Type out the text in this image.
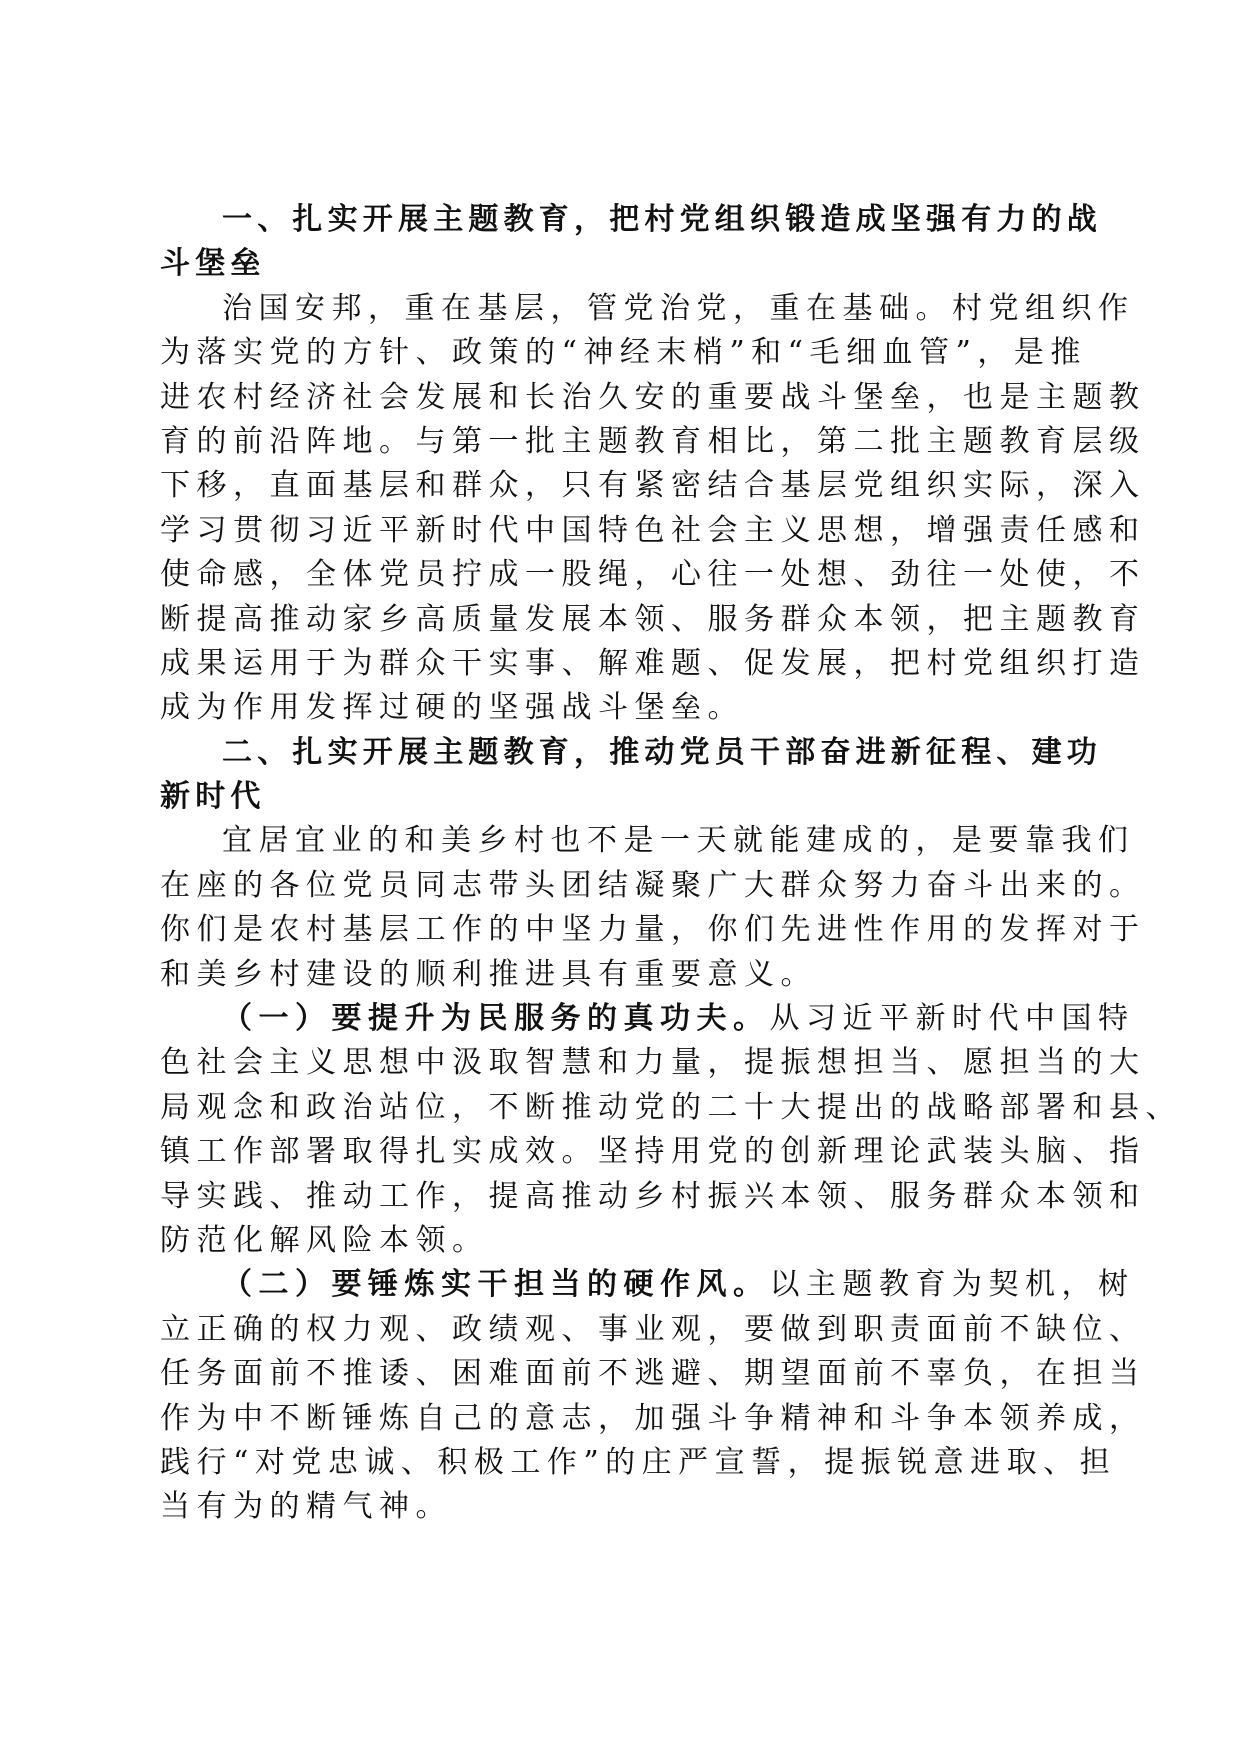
一、扎实开展主题教育，把村党组织锻造成坚强有力的战

斗堡垒

治国安邦，重在基层，管党治党，重在基础。村党组织作

为落实党的方针、政策的“神经末梢”和“毛细血管”，是推

进农村经济社会发展和长治久安的重要战斗堡垒，也是主题教

育的前沿阵地。与第一批主题教育相比，第二批主题教育层级

下移，直面基层和群众，只有紧密结合基层党组织实际，深入

学习贯彻习近平新时代中国特色社会主义思想，增强责任感和

使命感，全体党员拧成一股绳，心往一处想、劲往一处使，不

断提高推动家乡高质量发展本领、服务群众本领，把主题教育

成果运用于为群众干实事、解难题、促发展，把村党组织打造

成为作用发挥过硬的坚强战斗堡垒。

二、扎实开展主题教育，推动党员干部奋进新征程、建功

新时代

宜居宜业的和美乡村也不是一天就能建成的，是要靠我们

在座的各位党员同志带头团结凝聚广大群众努力奋斗出来的。

你们是农村基层工作的中坚力量，你们先进性作用的发挥对于

和美乡村建设的顺利推进具有重要意义。

（一）要提升为民服务的真功夫。从习近平新时代中国特

色社会主义思想中汲取智慧和力量，提振想担当、愿担当的大

局观念和政治站位，不断推动党的二十大提出的战略部署和县、

镇工作部署取得扎实成效。坚持用党的创新理论武装头脑、指

导实践、推动工作，提高推动乡村振兴本领、服务群众本领和

防范化解风险本领。

（二）要锤炼实干担当的硬作风。以主题教育为契机，树

立正确的权力观、政绩观、事业观，要做到职责面前不缺位、

任务面前不推诿、困难面前不逃避、期望面前不辜负，在担当

作为中不断锤炼自己的意志，加强斗争精神和斗争本领养成，

践行“对党忠诚、积极工作”的庄严宣誓，提振锐意进取、担

当有为的精气神。
